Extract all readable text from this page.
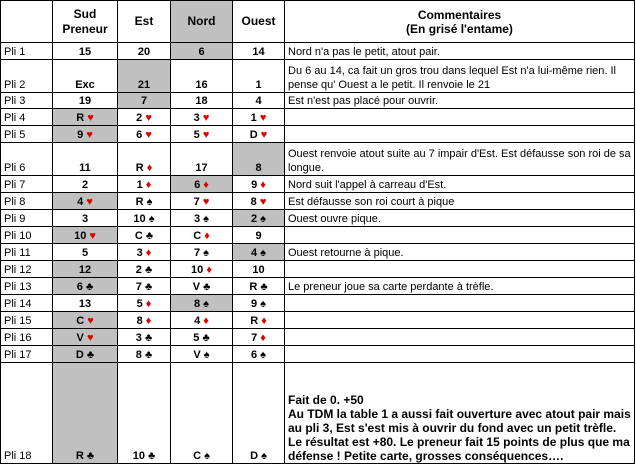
	Sud
Preneur	Est	Nord	Ouest	Commentaires
(En grisé l'entame)
Pli 1	15	20	6	14	Nord n'a pas le petit, atout pair.
Pli 2	Exc	21	16	1	Du 6 au 14, ca fait un gros trou dans lequel Est n'a lui-même rien. Il pense qu' Ouest a le petit. Il renvoie le 21
Pli 3	19	7	18	4	Est n'est pas placé pour ouvrir.
Pli 4	R ♥	2 ♥	3 ♥	1 ♥	
Pli 5	9 ♥	6 ♥	5 ♥	D ♥	
Pli 6	11	R ♦	17	8	Ouest renvoie atout suite au 7 impair d'Est. Est défausse son roi de sa longue.
Pli 7	2	1 ♦	6 ♦	9 ♦	Nord suit l'appel à carreau d'Est.
Pli 8	4 ♥	R ♠	7 ♥	8 ♥	Est défausse son roi court à pique
Pli 9	3	10 ♠	3 ♠	2 ♠	Ouest ouvre pique.
Pli 10	10 ♥	C ♣	C ♦	9	
Pli 11	5	3 ♦	7 ♠	4 ♠	Ouest retourne à pique.
Pli 12	12	2 ♣	10 ♦	10	
Pli 13	6 ♣	7 ♣	V ♣	R ♣	Le preneur joue sa carte perdante à trèfle.
Pli 14	13	5 ♦	8 ♠	9 ♠	
Pli 15	C ♥	8 ♦	4 ♦	R ♦	
Pli 16	V ♥	3 ♣	5 ♣	7 ♦	
Pli 17	D ♣	8 ♣	V ♠	6 ♠	
Pli 18	R ♣	10 ♣	C ♠	D ♠	Fait de 0. +50
Au TDM la table 1 a aussi fait ouverture avec atout pair mais au pli 3, Est s'est mis à ouvrir du fond avec un petit trèfle. Le résultat est +80. Le preneur fait 15 points de plus que ma défense ! Petite carte, grosses conséquences….
